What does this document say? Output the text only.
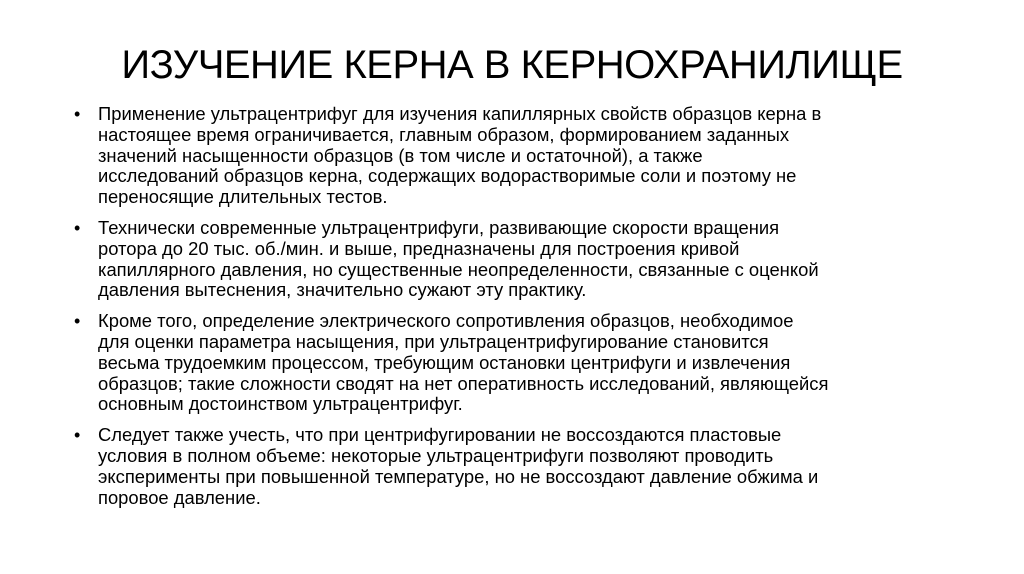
ИЗУЧЕНИЕ КЕРНА В КЕРНОХРАНИЛИЩЕ
• Применение ультрацентрифуг для изучения капиллярных свойств образцов керна в
настоящее время ограничивается, главным образом, формированием заданных
значений насыщенности образцов (в том числе и остаточной), а также
исследований образцов керна, содержащих водорастворимые соли и поэтому не
переносящие длительных тестов.
• Технически современные ультрацентрифуги, развивающие скорости вращения
ротора до 20 тыс. об./мин. и выше, предназначены для построения кривой
капиллярного давления, но существенные неопределенности, связанные с оценкой
давления вытеснения, значительно сужают эту практику.
• Кроме того, определение электрического сопротивления образцов, необходимое
для оценки параметра насыщения, при ультрацентрифугирование становится
весьма трудоемким процессом, требующим остановки центрифуги и извлечения
образцов; такие сложности сводят на нет оперативность исследований, являющейся
основным достоинством ультрацентрифуг.
• Следует также учесть, что при центрифугировании не воссоздаются пластовые
условия в полном объеме: некоторые ультрацентрифуги позволяют проводить
эксперименты при повышенной температуре, но не воссоздают давление обжима и
поровое давление.
